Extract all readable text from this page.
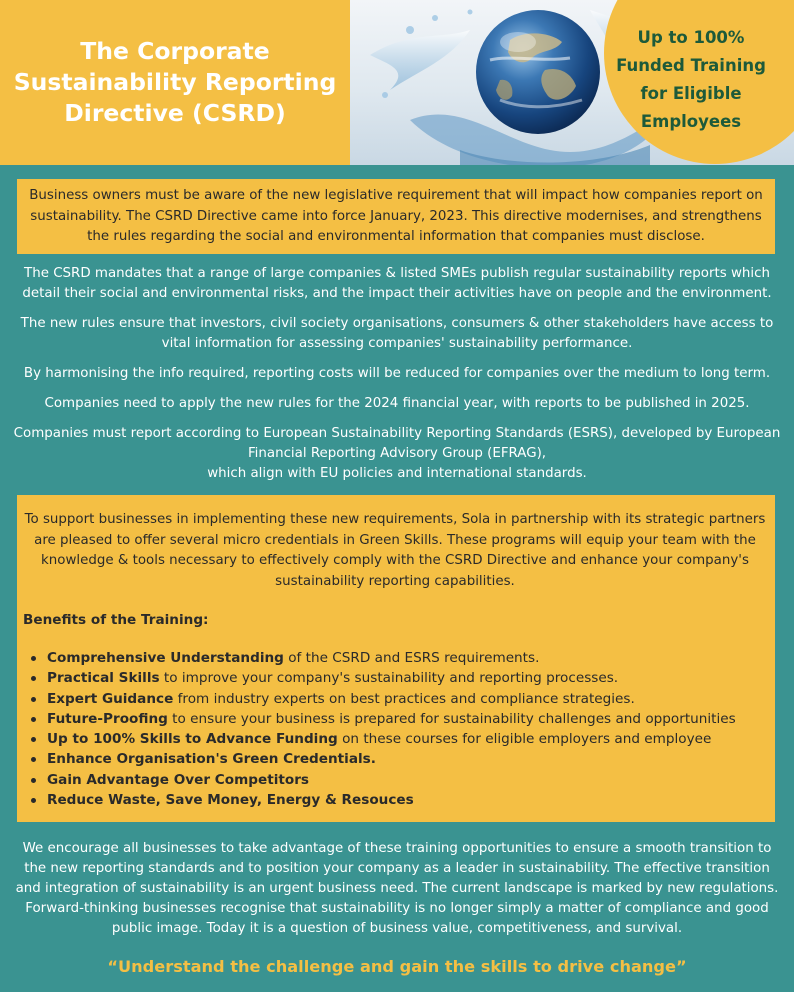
The Corporate Sustainability Reporting Directive (CSRD)
Up to 100% Funded Training for Eligible Employees

Business owners must be aware of the new legislative requirement that will impact how companies report on sustainability. The CSRD Directive came into force January, 2023. This directive modernises, and strengthens the rules regarding the social and environmental information that companies must disclose.

The CSRD mandates that a range of large companies & listed SMEs publish regular sustainability reports which detail their social and environmental risks, and the impact their activities have on people and the environment.

The new rules ensure that investors, civil society organisations, consumers & other stakeholders have access to vital information for assessing companies' sustainability performance.

By harmonising the info required, reporting costs will be reduced for companies over the medium to long term.

Companies need to apply the new rules for the 2024 financial year, with reports to be published in 2025.

Companies must report according to European Sustainability Reporting Standards (ESRS), developed by European Financial Reporting Advisory Group (EFRAG),

which align with EU policies and international standards.

To support businesses in implementing these new requirements, Sola in partnership with its strategic partners are pleased to offer several micro credentials in Green Skills. These programs will equip your team with the knowledge & tools necessary to effectively comply with the CSRD Directive and enhance your company's sustainability reporting capabilities.

Benefits of the Training:

Comprehensive Understanding of the CSRD and ESRS requirements.
Practical Skills to improve your company's sustainability and reporting processes.
Expert Guidance from industry experts on best practices and compliance strategies.
Future-Proofing to ensure your business is prepared for sustainability challenges and opportunities
Up to 100% Skills to Advance Funding on these courses for eligible employers and employee
Enhance Organisation's Green Credentials.
Gain Advantage Over Competitors
Reduce Waste, Save Money, Energy & Resouces

We encourage all businesses to take advantage of these training opportunities to ensure a smooth transition to the new reporting standards and to position your company as a leader in sustainability. The effective transition and integration of sustainability is an urgent business need. The current landscape is marked by new regulations. Forward-thinking businesses recognise that sustainability is no longer simply a matter of compliance and good public image. Today it is a question of business value, competitiveness, and survival.

“Understand the challenge and gain the skills to drive change”
